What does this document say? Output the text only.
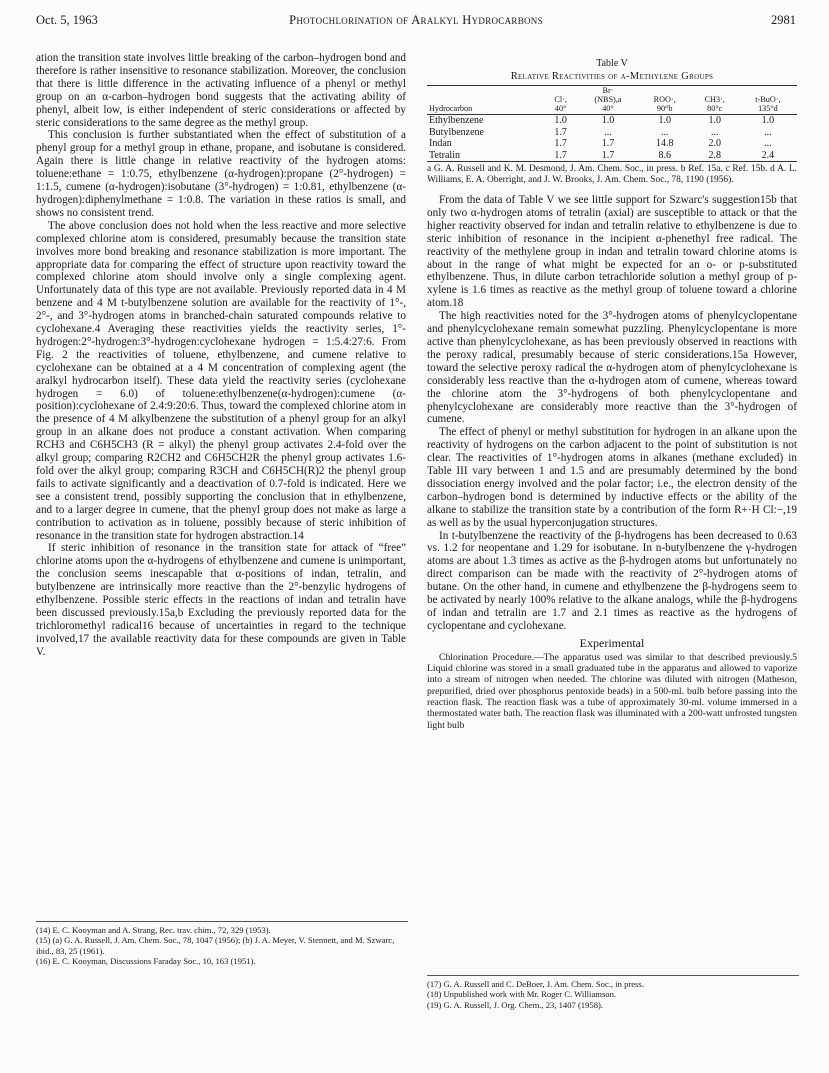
Oct. 5, 1963	Photochlorination of Aralkyl Hydrocarbons	2981

ation the transition state involves little breaking of the carbon–hydrogen bond and therefore is rather insensitive to resonance stabilization. Moreover, the conclusion that there is little difference in the activating influence of a phenyl or methyl group on an α-carbon–hydrogen bond suggests that the activating ability of phenyl, albeit low, is either independent of steric considerations or affected by steric considerations to the same degree as the methyl group.

This conclusion is further substantiated when the effect of substitution of a phenyl group for a methyl group in ethane, propane, and isobutane is considered. Again there is little change in relative reactivity of the hydrogen atoms: toluene:ethane = 1:0.75, ethylbenzene (α-hydrogen):propane (2°-hydrogen) = 1:1.5, cumene (α-hydrogen):isobutane (3°-hydrogen) = 1:0.81, ethylbenzene (α-hydrogen):diphenylmethane = 1:0.8. The variation in these ratios is small, and shows no consistent trend.

The above conclusion does not hold when the less reactive and more selective complexed chlorine atom is considered, presumably because the transition state involves more bond breaking and resonance stabilization is more important. The appropriate data for comparing the effect of structure upon reactivity toward the complexed chlorine atom should involve only a single complexing agent. Unfortunately data of this type are not available. Previously reported data in 4 M benzene and 4 M t-butylbenzene solution are available for the reactivity of 1°-, 2°-, and 3°-hydrogen atoms in branched-chain saturated compounds relative to cyclohexane.4 Averaging these reactivities yields the reactivity series, 1°-hydrogen:2°-hydrogen:3°-hydrogen:cyclohexane hydrogen = 1:5.4:27:6. From Fig. 2 the reactivities of toluene, ethylbenzene, and cumene relative to cyclohexane can be obtained at a 4 M concentration of complexing agent (the aralkyl hydrocarbon itself). These data yield the reactivity series (cyclohexane hydrogen = 6.0) of toluene:ethylbenzene(α-hydrogen):cumene (α-position):cyclohexane of 2.4:9:20:6. Thus, toward the complexed chlorine atom in the presence of 4 M alkylbenzene the substitution of a phenyl group for an alkyl group in an alkane does not produce a constant activation. When comparing RCH3 and C6H5CH3 (R = alkyl) the phenyl group activates 2.4-fold over the alkyl group; comparing R2CH2 and C6H5CH2R the phenyl group activates 1.6-fold over the alkyl group; comparing R3CH and C6H5CH(R)2 the phenyl group fails to activate significantly and a deactivation of 0.7-fold is indicated. Here we see a consistent trend, possibly supporting the conclusion that in ethylbenzene, and to a larger degree in cumene, that the phenyl group does not make as large a contribution to activation as in toluene, possibly because of steric inhibition of resonance in the transition state for hydrogen abstraction.14

If steric inhibition of resonance in the transition state for attack of “free” chlorine atoms upon the α-hydrogens of ethylbenzene and cumene is unimportant, the conclusion seems inescapable that α-positions of indan, tetralin, and butylbenzene are intrinsically more reactive than the 2°-benzylic hydrogens of ethylbenzene. Possible steric effects in the reactions of indan and tetralin have been discussed previously.15a,b Excluding the previously reported data for the trichloromethyl radical16 because of uncertainties in regard to the technique involved,17 the available reactivity data for these compounds are given in Table V.

Table V
Relative Reactivities of α-Methylene Groups
		Br·			
	Cl·,	(NBS),a	ROO·,	CH3·,	t-BuO·,
Hydrocarbon	40°	40°	90°b	80°c	135°d
Ethylbenzene	1.0	1.0	1.0	1.0	1.0
Butylbenzene	1.7	...	...	...	...
Indan	1.7	1.7	14.8	2.0	...
Tetralin	1.7	1.7	8.6	2.8	2.4
a G. A. Russell and K. M. Desmond, J. Am. Chem. Soc., in press. b Ref. 15a. c Ref. 15b. d A. L. Williams, E. A. Oberright, and J. W. Brooks, J. Am. Chem. Soc., 78, 1190 (1956).

From the data of Table V we see little support for Szwarc's suggestion15b that only two α-hydrogen atoms of tetralin (axial) are susceptible to attack or that the higher reactivity observed for indan and tetralin relative to ethylbenzene is due to steric inhibition of resonance in the incipient α-phenethyl free radical. The reactivity of the methylene group in indan and tetralin toward chlorine atoms is about in the range of what might be expected for an o- or p-substituted ethylbenzene. Thus, in dilute carbon tetrachloride solution a methyl group of p-xylene is 1.6 times as reactive as the methyl group of toluene toward a chlorine atom.18

The high reactivities noted for the 3°-hydrogen atoms of phenylcyclopentane and phenylcyclohexane remain somewhat puzzling. Phenylcyclopentane is more active than phenylcyclohexane, as has been previously observed in reactions with the peroxy radical, presumably because of steric considerations.15a However, toward the selective peroxy radical the α-hydrogen atom of phenylcyclohexane is considerably less reactive than the α-hydrogen atom of cumene, whereas toward the chlorine atom the 3°-hydrogens of both phenylcyclopentane and phenylcyclohexane are considerably more reactive than the 3°-hydrogen of cumene.

The effect of phenyl or methyl substitution for hydrogen in an alkane upon the reactivity of hydrogens on the carbon adjacent to the point of substitution is not clear. The reactivities of 1°-hydrogen atoms in alkanes (methane excluded) in Table III vary between 1 and 1.5 and are presumably determined by the bond dissociation energy involved and the polar factor; i.e., the electron density of the carbon–hydrogen bond is determined by inductive effects or the ability of the alkane to stabilize the transition state by a contribution of the form R+·H Cl:−,19 as well as by the usual hyperconjugation structures.

In t-butylbenzene the reactivity of the β-hydrogens has been decreased to 0.63 vs. 1.2 for neopentane and 1.29 for isobutane. In n-butylbenzene the γ-hydrogen atoms are about 1.3 times as active as the β-hydrogen atoms but unfortunately no direct comparison can be made with the reactivity of 2°-hydrogen atoms of butane. On the other hand, in cumene and ethylbenzene the β-hydrogens seem to be activated by nearly 100% relative to the alkane analogs, while the β-hydrogens of indan and tetralin are 1.7 and 2.1 times as reactive as the hydrogens of cyclopentane and cyclohexane.

Experimental

Chlorination Procedure.—The apparatus used was similar to that described previously.5 Liquid chlorine was stored in a small graduated tube in the apparatus and allowed to vaporize into a stream of nitrogen when needed. The chlorine was diluted with nitrogen (Matheson, prepurified, dried over phosphorus pentoxide beads) in a 500-ml. bulb before passing into the reaction flask. The reaction flask was a tube of approximately 30-ml. volume immersed in a thermostated water bath. The reaction flask was illuminated with a 200-watt unfrosted tungsten light bulb

(14) E. C. Kooyman and A. Strang, Rec. trav. chim., 72, 329 (1953).

(15) (a) G. A. Russell, J. Am. Chem. Soc., 78, 1047 (1956); (b) J. A. Meyer, V. Stennett, and M. Szwarc, ibid., 83, 25 (1961).

(16) E. C. Kooyman, Discussions Faraday Soc., 10, 163 (1951).

(17) G. A. Russell and C. DeBoer, J. Am. Chem. Soc., in press.

(18) Unpublished work with Mr. Roger C. Williamson.

(19) G. A. Russell, J. Org. Chem., 23, 1407 (1958).
